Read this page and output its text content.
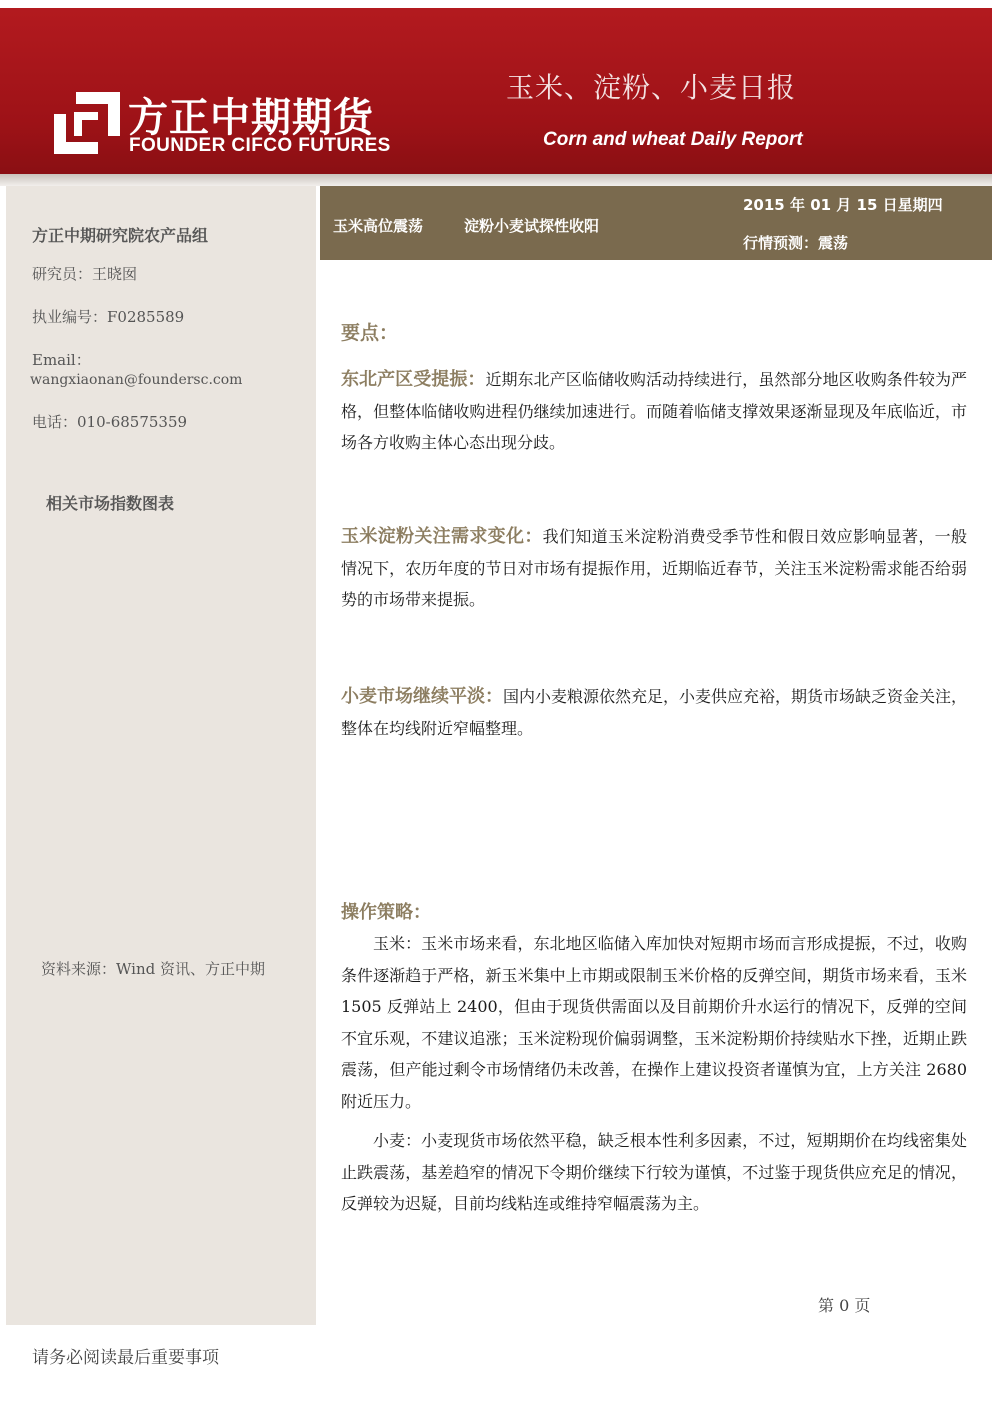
方正中期期货
FOUNDER CIFCO FUTURES
玉米、淀粉、小麦日报
Corn and wheat Daily Report
方正中期研究院农产品组
研究员：王晓囡
执业编号：F0285589
Email：
wangxiaonan@foundersc.com
电话：010-68575359
相关市场指数图表
资料来源：Wind 资讯、方正中期
玉米高位震荡	淀粉小麦试探性收阳
2015 年 01 月 15 日星期四
行情预测：震荡
要点：

东北产区受提振：近期东北产区临储收购活动持续进行，虽然部分地区收购条件较为严格，但整体临储收购进程仍继续加速进行。而随着临储支撑效果逐渐显现及年底临近，市场各方收购主体心态出现分歧。

玉米淀粉关注需求变化：我们知道玉米淀粉消费受季节性和假日效应影响显著，一般情况下，农历年度的节日对市场有提振作用，近期临近春节，关注玉米淀粉需求能否给弱势的市场带来提振。

小麦市场继续平淡：国内小麦粮源依然充足，小麦供应充裕，期货市场缺乏资金关注，整体在均线附近窄幅整理。

操作策略：

玉米：玉米市场来看，东北地区临储入库加快对短期市场而言形成提振，不过，收购条件逐渐趋于严格，新玉米集中上市期或限制玉米价格的反弹空间，期货市场来看，玉米 1505 反弹站上 2400，但由于现货供需面以及目前期价升水运行的情况下，反弹的空间不宜乐观，不建议追涨；玉米淀粉现价偏弱调整，玉米淀粉期价持续贴水下挫，近期止跌震荡，但产能过剩令市场情绪仍未改善，在操作上建议投资者谨慎为宜，上方关注 2680 附近压力。

小麦：小麦现货市场依然平稳，缺乏根本性利多因素，不过，短期期价在均线密集处止跌震荡，基差趋窄的情况下令期价继续下行较为谨慎，不过鉴于现货供应充足的情况，反弹较为迟疑，目前均线粘连或维持窄幅震荡为主。

第 0 页
请务必阅读最后重要事项
